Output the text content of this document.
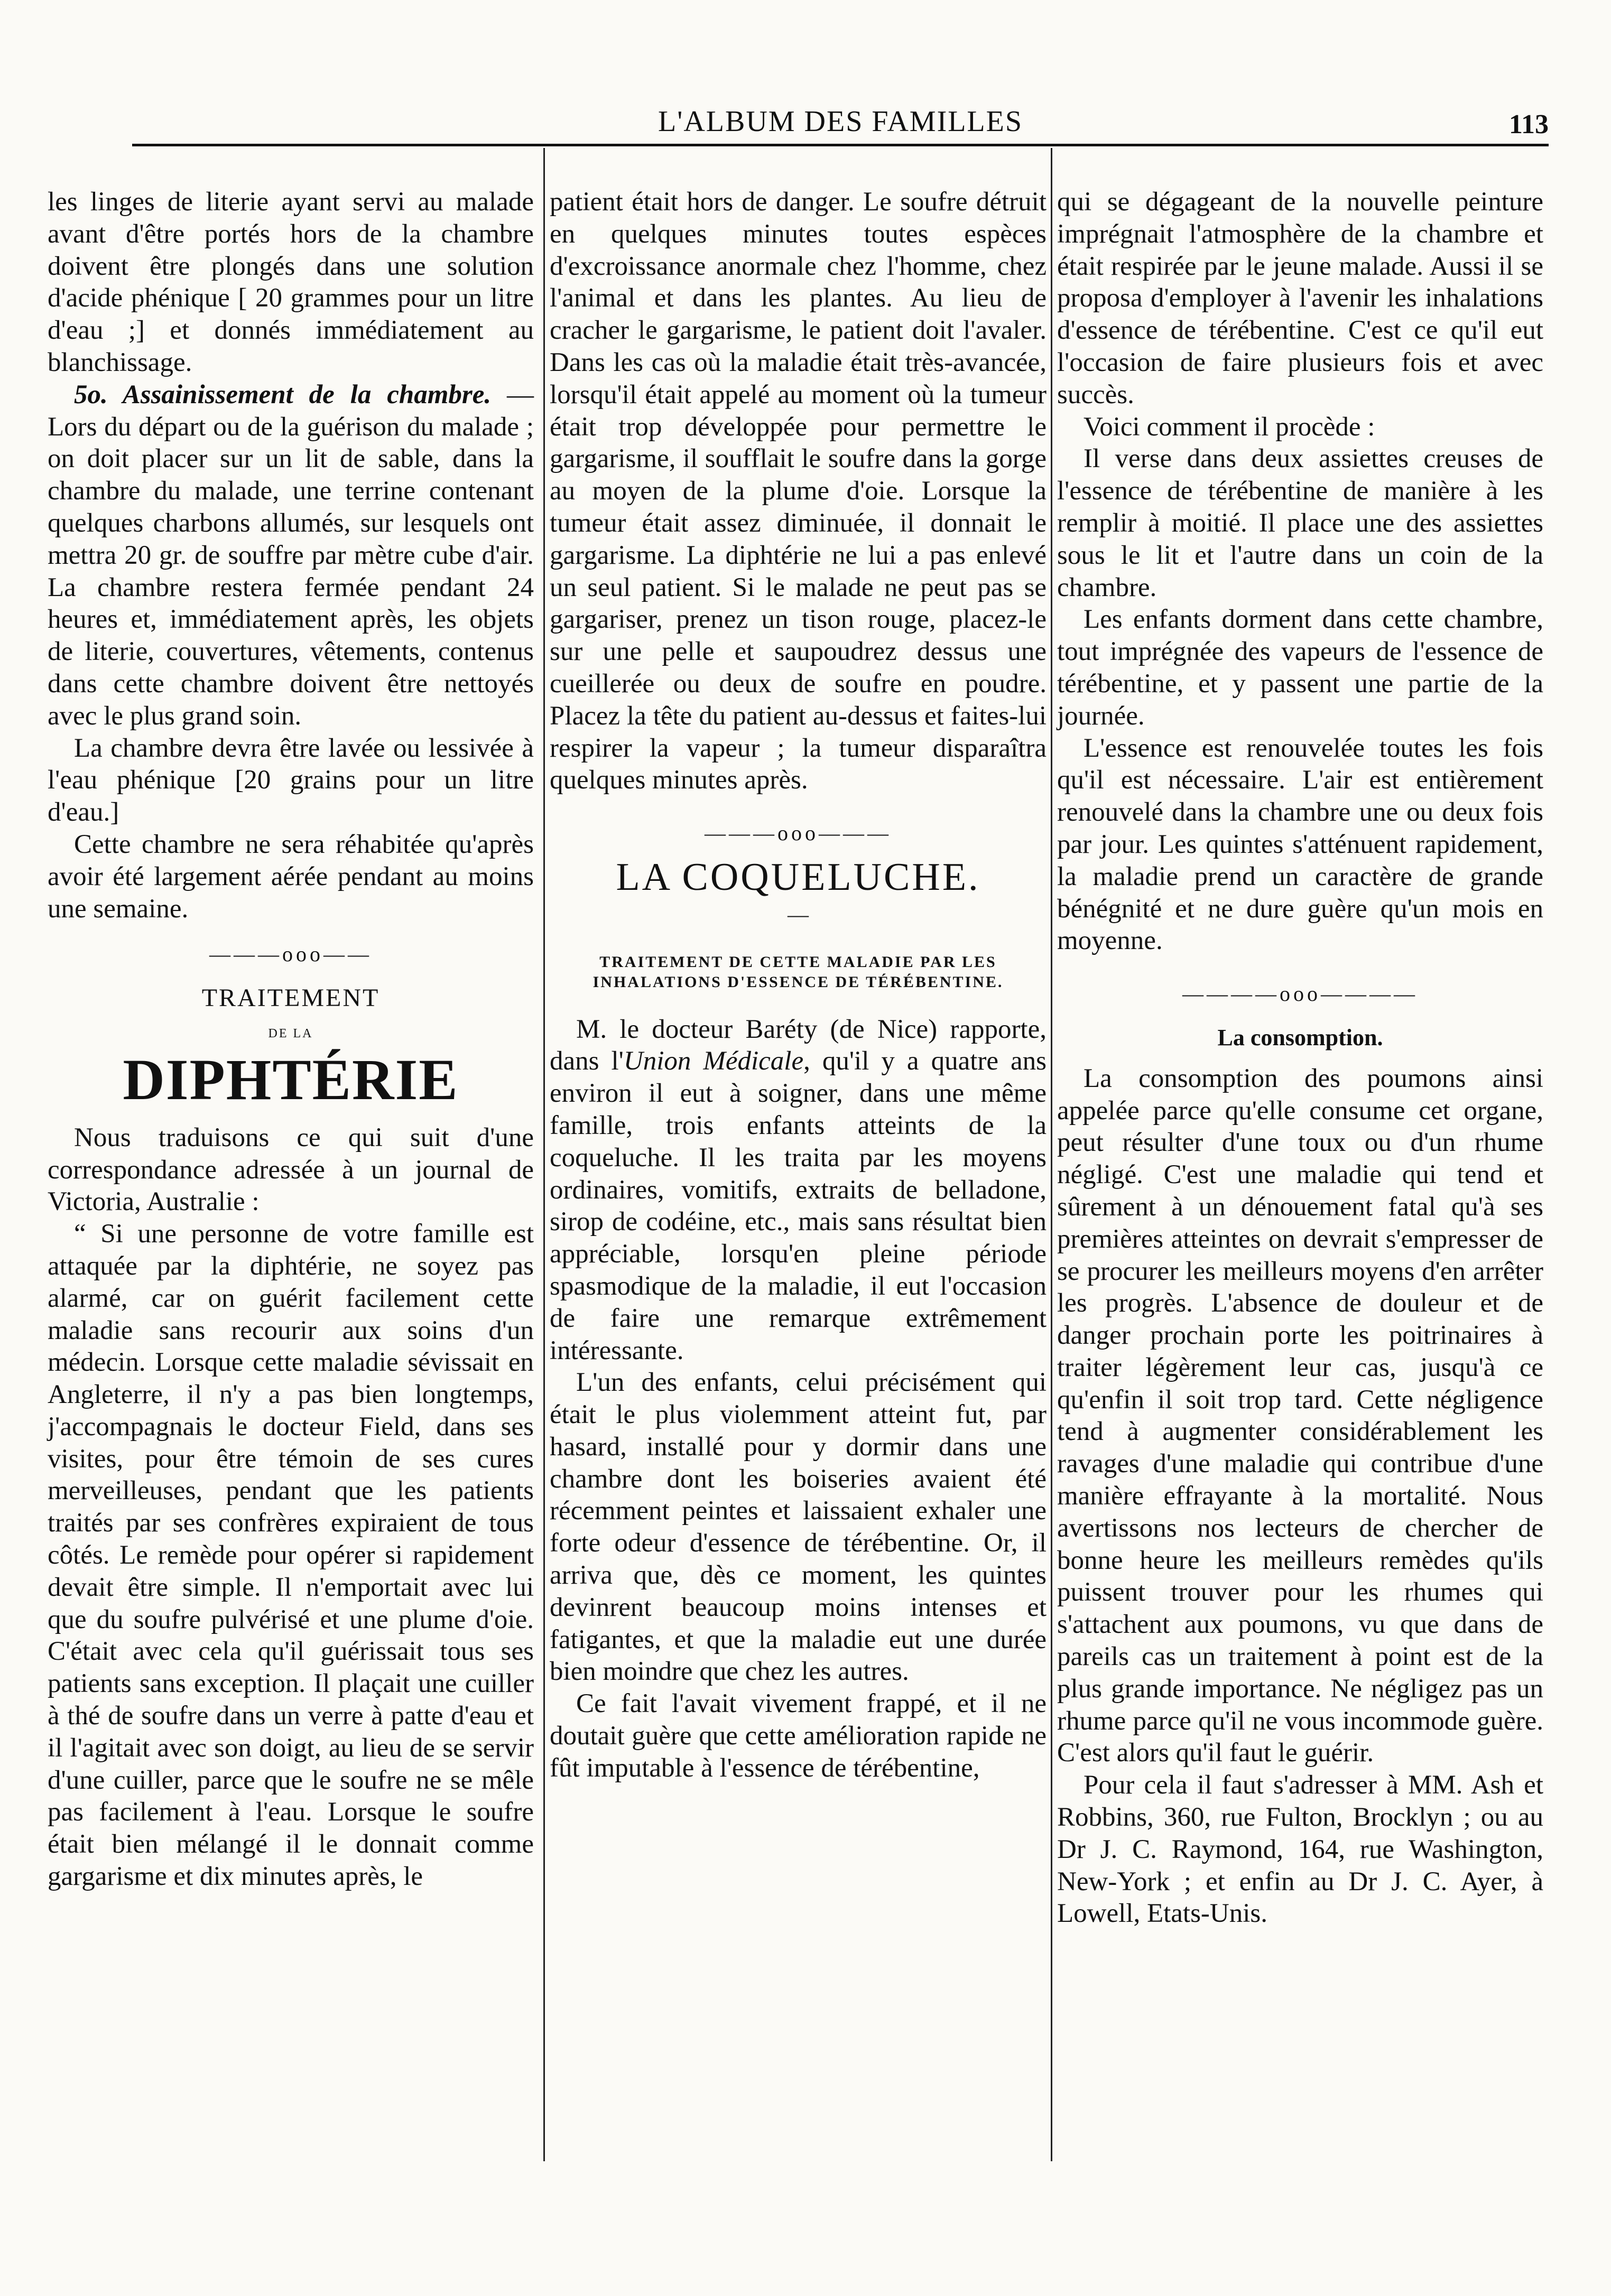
L'ALBUM DES FAMILLES	113

les linges de literie ayant servi au malade avant d'être portés hors de la chambre doivent être plongés dans une solution d'acide phénique [ 20 grammes pour un litre d'eau ;] et donnés immédiatement au blanchissage.

5o. Assainissement de la chambre. —Lors du départ ou de la guérison du malade ; on doit placer sur un lit de sable, dans la chambre du malade, une terrine contenant quelques charbons allumés, sur lesquels ont mettra 20 gr. de souffre par mètre cube d'air. La chambre restera fermée pendant 24 heures et, immédiatement après, les objets de literie, couvertures, vêtements, contenus dans cette chambre doivent être nettoyés avec le plus grand soin.

La chambre devra être lavée ou lessivée à l'eau phénique [20 grains pour un litre d'eau.]

Cette chambre ne sera réhabitée qu'après avoir été largement aérée pendant au moins une semaine.

———ooo——
TRAITEMENT
DE LA
DIPHTÉRIE

Nous traduisons ce qui suit d'une correspondance adressée à un journal de Victoria, Australie :

“ Si une personne de votre famille est attaquée par la diphtérie, ne soyez pas alarmé, car on guérit facilement cette maladie sans recourir aux soins d'un médecin. Lorsque cette maladie sévissait en Angleterre, il n'y a pas bien longtemps, j'accompagnais le docteur Field, dans ses visites, pour être témoin de ses cures merveilleuses, pendant que les patients traités par ses confrères expiraient de tous côtés. Le remède pour opérer si rapidement devait être simple. Il n'emportait avec lui que du soufre pulvérisé et une plume d'oie. C'était avec cela qu'il guérissait tous ses patients sans exception. Il plaçait une cuiller à thé de soufre dans un verre à patte d'eau et il l'agitait avec son doigt, au lieu de se servir d'une cuiller, parce que le soufre ne se mêle pas facilement à l'eau. Lorsque le soufre était bien mélangé il le donnait comme gargarisme et dix minutes après, le

patient était hors de danger. Le soufre détruit en quelques minutes toutes espèces d'excroissance anormale chez l'homme, chez l'animal et dans les plantes. Au lieu de cracher le gargarisme, le patient doit l'avaler. Dans les cas où la maladie était très-avancée, lorsqu'il était appelé au moment où la tumeur était trop développée pour permettre le gargarisme, il soufflait le soufre dans la gorge au moyen de la plume d'oie. Lorsque la tumeur était assez diminuée, il donnait le gargarisme. La diphtérie ne lui a pas enlevé un seul patient. Si le malade ne peut pas se gargariser, prenez un tison rouge, placez-le sur une pelle et saupoudrez dessus une cueillerée ou deux de soufre en poudre. Placez la tête du patient au-dessus et faites-lui respirer la vapeur ; la tumeur disparaîtra quelques minutes après.

———ooo———
LA COQUELUCHE.
—
TRAITEMENT DE CETTE MALADIE PAR LES INHALATIONS D'ESSENCE DE TÉRÉBENTINE.

M. le docteur Baréty (de Nice) rapporte, dans l'Union Médicale, qu'il y a quatre ans environ il eut à soigner, dans une même famille, trois enfants atteints de la coqueluche. Il les traita par les moyens ordinaires, vomitifs, extraits de belladone, sirop de codéine, etc., mais sans résultat bien appréciable, lorsqu'en pleine période spasmodique de la maladie, il eut l'occasion de faire une remarque extrêmement intéressante.

L'un des enfants, celui précisément qui était le plus violemment atteint fut, par hasard, installé pour y dormir dans une chambre dont les boiseries avaient été récemment peintes et laissaient exhaler une forte odeur d'essence de térébentine. Or, il arriva que, dès ce moment, les quintes devinrent beaucoup moins intenses et fatigantes, et que la maladie eut une durée bien moindre que chez les autres.

Ce fait l'avait vivement frappé, et il ne doutait guère que cette amélioration rapide ne fût imputable à l'essence de térébentine,

qui se dégageant de la nouvelle peinture imprégnait l'atmosphère de la chambre et était respirée par le jeune malade. Aussi il se proposa d'employer à l'avenir les inhalations d'essence de térébentine. C'est ce qu'il eut l'occasion de faire plusieurs fois et avec succès.

Voici comment il procède :

Il verse dans deux assiettes creuses de l'essence de térébentine de manière à les remplir à moitié. Il place une des assiettes sous le lit et l'autre dans un coin de la chambre.

Les enfants dorment dans cette chambre, tout imprégnée des vapeurs de l'essence de térébentine, et y passent une partie de la journée.

L'essence est renouvelée toutes les fois qu'il est nécessaire. L'air est entièrement renouvelé dans la chambre une ou deux fois par jour. Les quintes s'atténuent rapidement, la maladie prend un caractère de grande bénégnité et ne dure guère qu'un mois en moyenne.

————ooo————
La consomption.

La consomption des poumons ainsi appelée parce qu'elle consume cet organe, peut résulter d'une toux ou d'un rhume négligé. C'est une maladie qui tend et sûrement à un dénouement fatal qu'à ses premières atteintes on devrait s'empresser de se procurer les meilleurs moyens d'en arrêter les progrès. L'absence de douleur et de danger prochain porte les poitrinaires à traiter légèrement leur cas, jusqu'à ce qu'enfin il soit trop tard. Cette négligence tend à augmenter considérablement les ravages d'une maladie qui contribue d'une manière effrayante à la mortalité. Nous avertissons nos lecteurs de chercher de bonne heure les meilleurs remèdes qu'ils puissent trouver pour les rhumes qui s'attachent aux poumons, vu que dans de pareils cas un traitement à point est de la plus grande importance. Ne négligez pas un rhume parce qu'il ne vous incommode guère. C'est alors qu'il faut le guérir.

Pour cela il faut s'adresser à MM. Ash et Robbins, 360, rue Fulton, Brocklyn ; ou au Dr J. C. Raymond, 164, rue Washington, New-York ; et enfin au Dr J. C. Ayer, à Lowell, Etats-Unis.
